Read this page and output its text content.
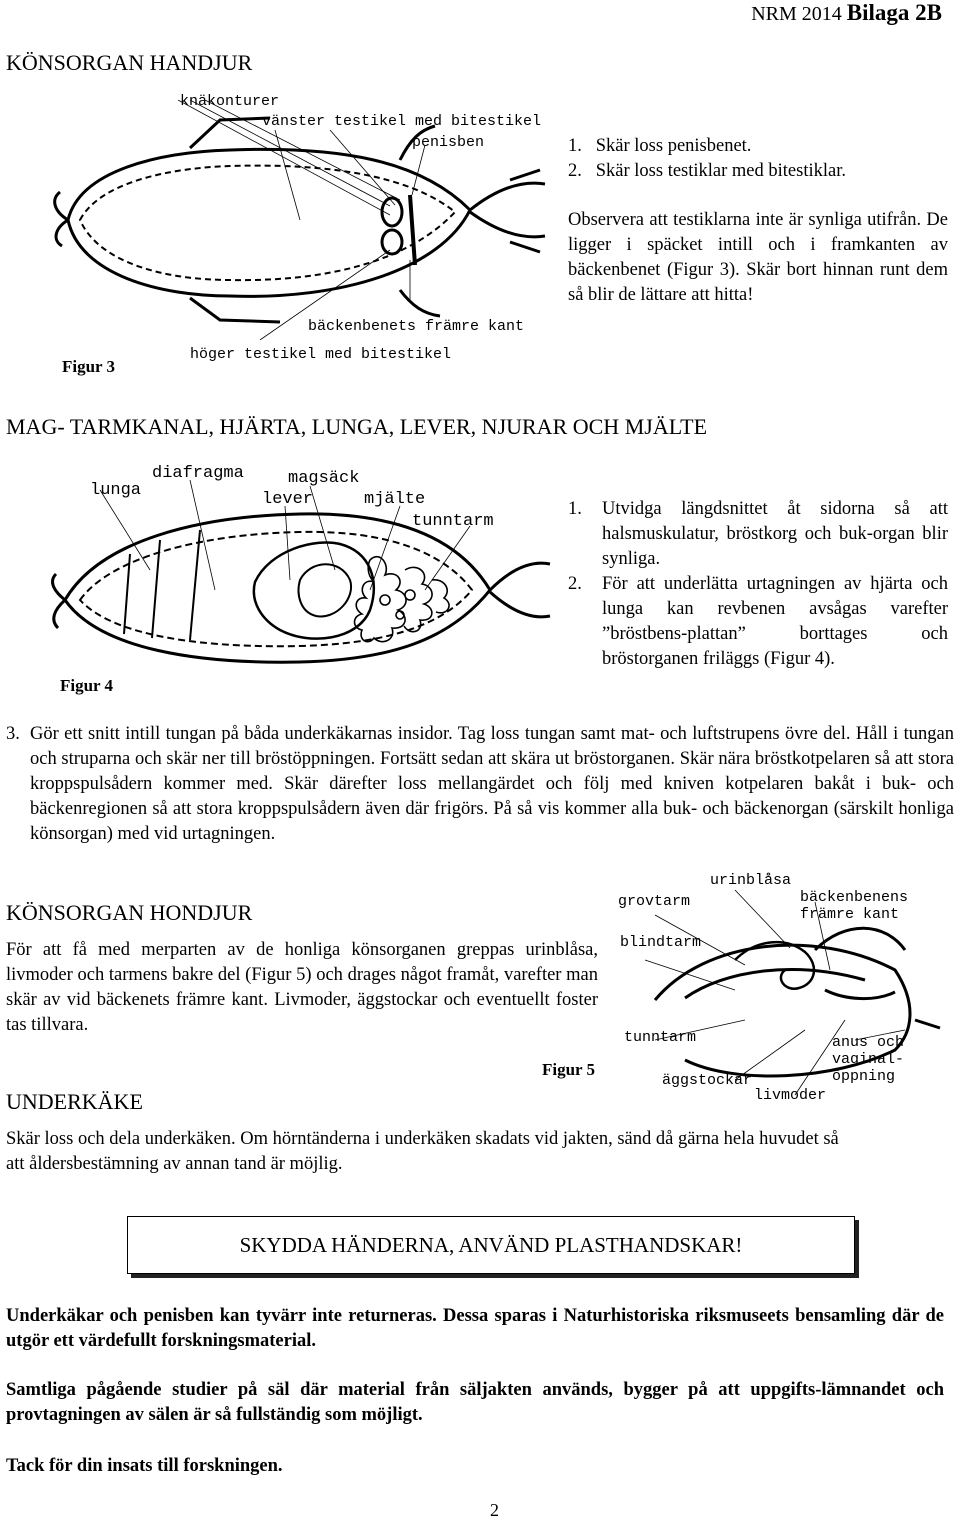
NRM 2014 Bilaga 2B
KÖNSORGAN HANDJUR
knäkonturer
vänster testikel med bitestikel
penisben
bäckenbenets främre kant
höger testikel med bitestikel
Figur 3
1. Skär loss penisbenet.
2. Skär loss testiklar med bitestiklar.
Observera att testiklarna inte är synliga utifrån. De ligger i späcket intill och i framkanten av bäckenbenet (Figur 3). Skär bort hinnan runt dem så blir de lättare att hitta!
MAG- TARMKANAL, HJÄRTA, LUNGA, LEVER, NJURAR OCH MJÄLTE
diafragma
lunga
magsäck
lever	mjälte
tunntarm
Figur 4
1. Utvidga längdsnittet åt sidorna så att halsmuskulatur, bröstkorg och buk-organ blir synliga.
2. För att underlätta urtagningen av hjärta och lunga kan revbenen avsågas varefter ”bröstbens-plattan” borttages och bröstorganen friläggs (Figur 4).
3. Gör ett snitt intill tungan på båda underkäkarnas insidor. Tag loss tungan samt mat- och luftstrupens övre del. Håll i tungan och struparna och skär ner till bröstöppningen. Fortsätt sedan att skära ut bröstorganen. Skär nära bröstkotpelaren så att stora kroppspulsådern kommer med. Skär därefter loss mellangärdet och följ med kniven kotpelaren bakåt i buk- och bäckenregionen så att stora kroppspulsådern även där frigörs. På så vis kommer alla buk- och bäckenorgan (särskilt honliga könsorgan) med vid urtagningen.
KÖNSORGAN HONDJUR
För att få med merparten av de honliga könsorganen greppas urinblåsa, livmoder och tarmens bakre del (Figur 5) och drages något framåt, varefter man skär av vid bäckenets främre kant. Livmoder, äggstockar och eventuellt foster tas tillvara.
Figur 5
urinblåsa
grovtarm	bäckenbenens
främre kant
blindtarm
tunntarm	anus och
vaginal-
öppning
äggstockar
livmoder
UNDERKÄKE
Skär loss och dela underkäken. Om hörntänderna i underkäken skadats vid jakten, sänd då gärna hela huvudet så att åldersbestämning av annan tand är möjlig.
SKYDDA HÄNDERNA, ANVÄND PLASTHANDSKAR!
Underkäkar och penisben kan tyvärr inte returneras. Dessa sparas i Naturhistoriska riksmuseets bensamling där de utgör ett värdefullt forskningsmaterial.
Samtliga pågående studier på säl där material från säljakten används, bygger på att uppgifts-lämnandet och provtagningen av sälen är så fullständig som möjligt.
Tack för din insats till forskningen.
2
